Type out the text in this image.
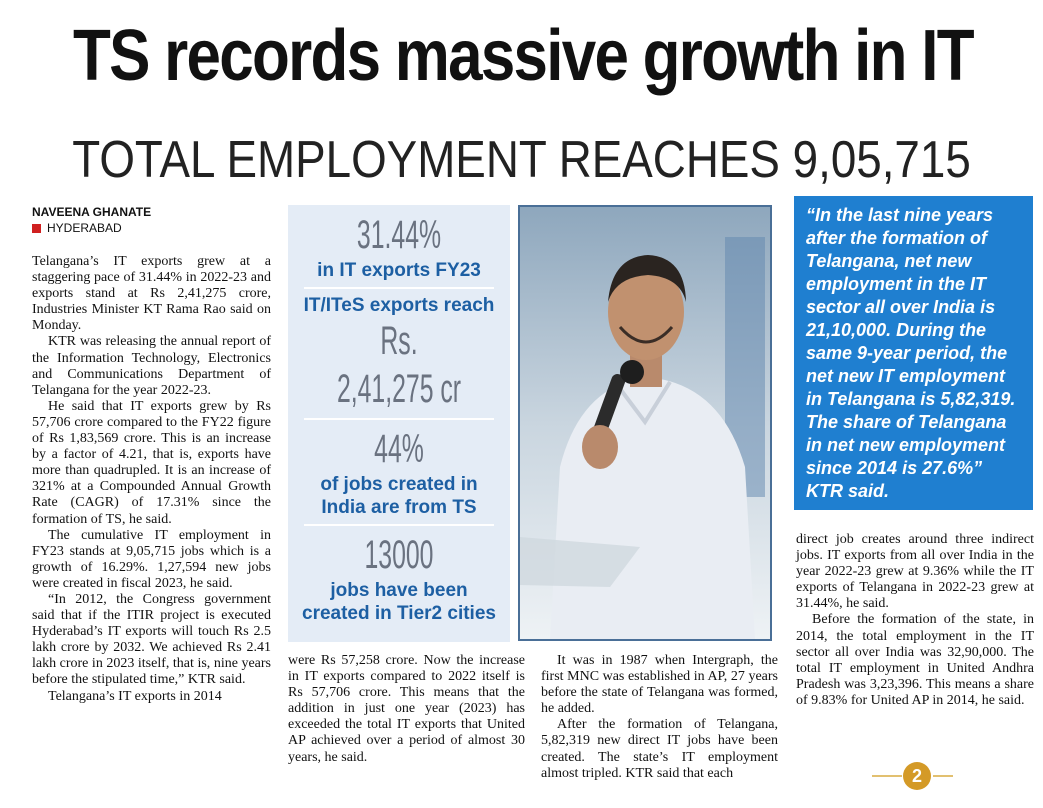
TS records massive growth in IT
TOTAL EMPLOYMENT REACHES 9,05,715
NAVEENA GHANATE
HYDERABAD

Telangana’s IT exports grew at a staggering pace of 31.44% in 2022-23 and exports stand at Rs 2,41,275 crore, Industries Minister KT Rama Rao said on Monday.

KTR was releasing the annual report of the Information Technology, Electronics and Communications Department of Telangana for the year 2022-23.

He said that IT exports grew by Rs 57,706 crore compared to the FY22 figure of Rs 1,83,569 crore. This is an increase by a factor of 4.21, that is, exports have more than quadrupled. It is an increase of 321% at a Compounded Annual Growth Rate (CAGR) of 17.31% since the formation of TS, he said.

The cumulative IT employment in FY23 stands at 9,05,715 jobs which is a growth of 16.29%. 1,27,594 new jobs were created in fiscal 2023, he said.

“In 2012, the Congress government said that if the ITIR project is executed Hyderabad’s IT exports will touch Rs 2.5 lakh crore by 2032. We achieved Rs 2.41 lakh crore in 2023 itself, that is, nine years before the stipulated time,” KTR said.

Telangana’s IT exports in 2014

31.44%
in IT exports FY23
IT/ITeS exports reach
Rs. 2,41,275 cr
44%
of jobs created in India are from TS
13000
jobs have been created in Tier2 cities
“In the last nine years after the formation of Telangana, net new employment in the IT sector all over India is 21,10,000. During the same 9-year period, the net new IT employment in Telangana is 5,82,319. The share of Telangana in net new employment since 2014 is 27.6%” KTR said.

were Rs 57,258 crore. Now the increase in IT exports compared to 2022 itself is Rs 57,706 crore. This means that the addition in just one year (2023) has exceeded the total IT exports that United AP achieved over a period of almost 30 years, he said.

It was in 1987 when Intergraph, the first MNC was established in AP, 27 years before the state of Telangana was formed, he added.

After the formation of Telangana, 5,82,319 new direct IT jobs have been created. The state’s IT employment almost tripled. KTR said that each

direct job creates around three indirect jobs. IT exports from all over India in the year 2022-23 grew at 9.36% while the IT exports of Telangana in 2022-23 grew at 31.44%, he said.

Before the formation of the state, in 2014, the total employment in the IT sector all over India was 32,90,000. The total IT employment in United Andhra Pradesh was 3,23,396. This means a share of 9.83% for United AP in 2014, he said.

2
